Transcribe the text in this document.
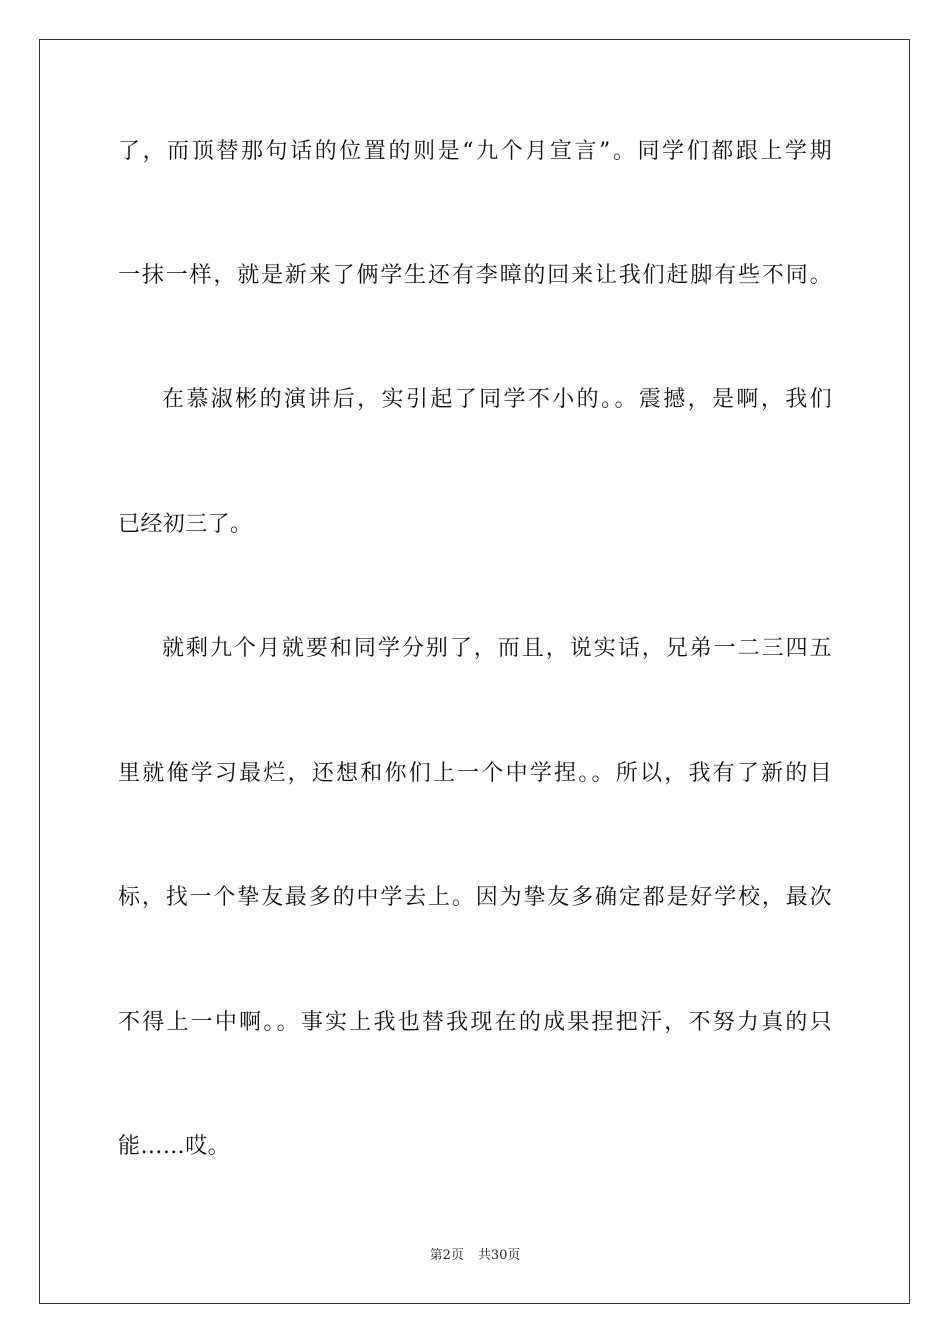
了，而顶替那句话的位置的则是“九个月宣言”。同学们都跟上学期
一抹一样，就是新来了俩学生还有李暲的回来让我们赶脚有些不同。
在慕淑彬的演讲后，实引起了同学不小的。。震撼，是啊，我们
已经初三了。
就剩九个月就要和同学分别了，而且，说实话，兄弟一二三四五
里就俺学习最烂，还想和你们上一个中学捏。。所以，我有了新的目
标，找一个挚友最多的中学去上。因为挚友多确定都是好学校，最次
不得上一中啊。。事实上我也替我现在的成果捏把汗，不努力真的只
能……哎。
第2页 共30页
